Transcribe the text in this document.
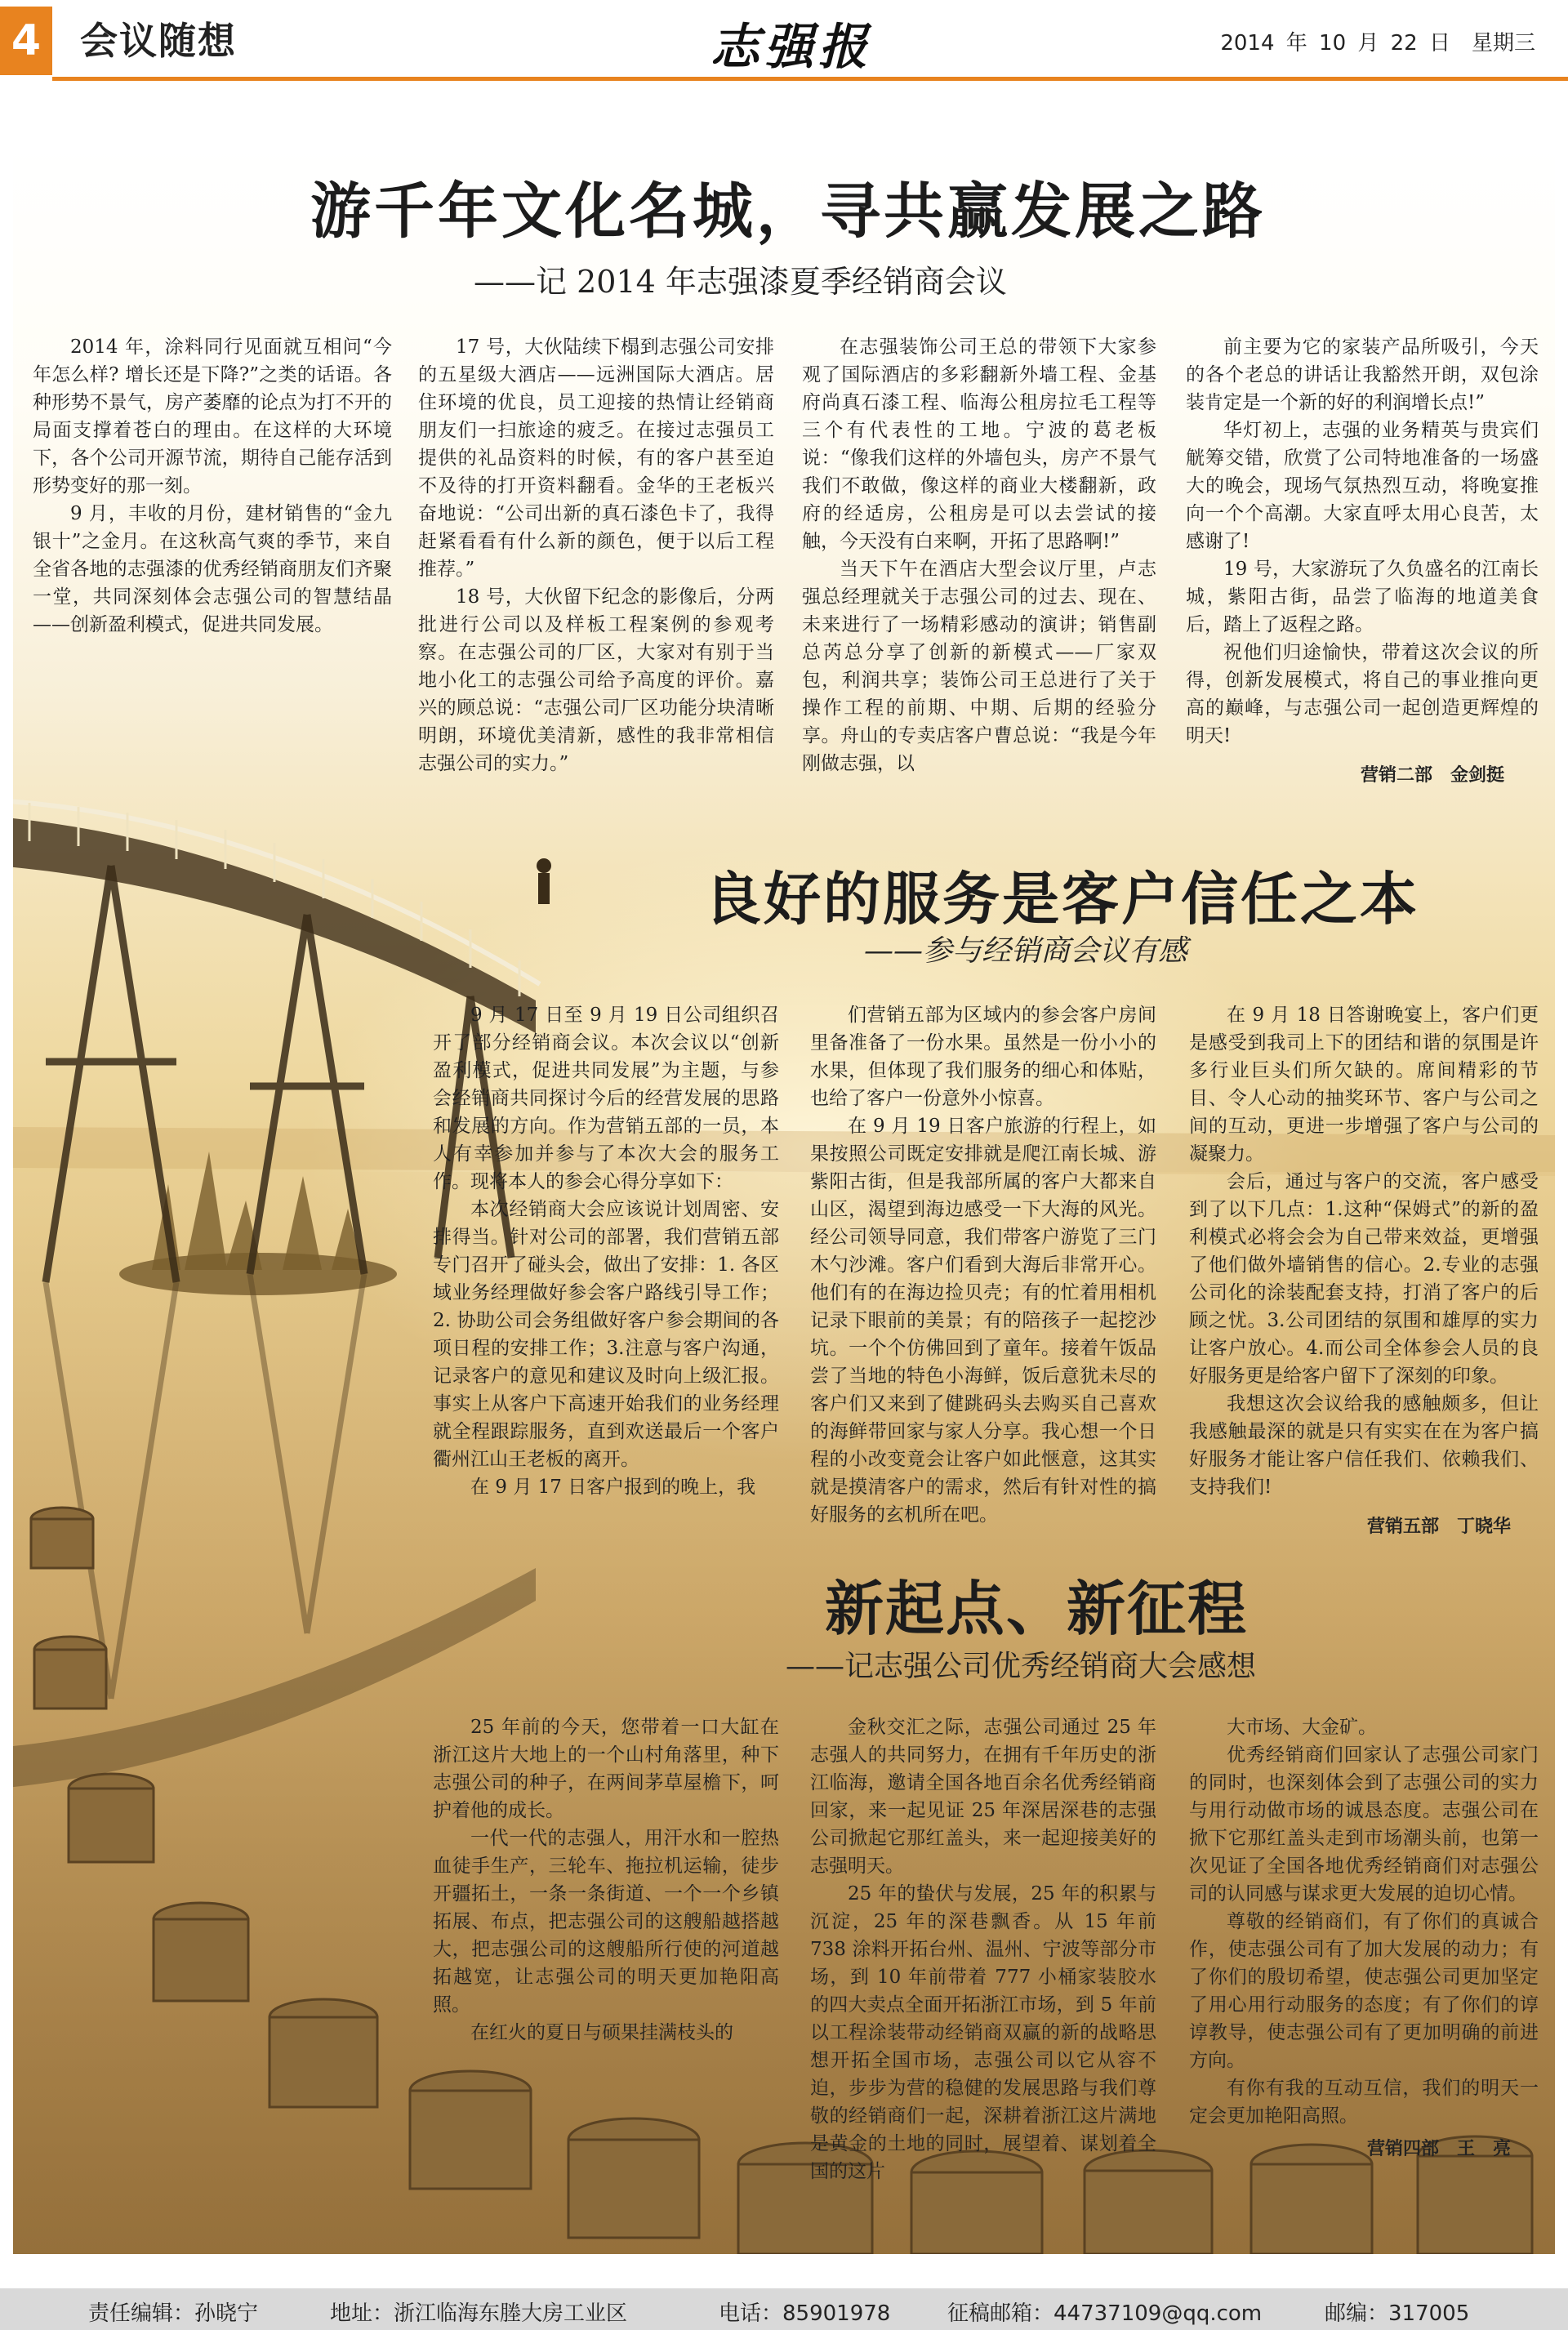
4	会议随想	志强报	2014 年 10 月 22 日　星期三
游千年文化名城，寻共赢发展之路
——记 2014 年志强漆夏季经销商会议

2014 年，涂料同行见面就互相问“今年怎么样? 增长还是下降?”之类的话语。各种形势不景气，房产萎靡的论点为打不开的局面支撑着苍白的理由。在这样的大环境下，各个公司开源节流，期待自己能存活到形势变好的那一刻。

9 月，丰收的月份，建材销售的“金九银十”之金月。在这秋高气爽的季节，来自全省各地的志强漆的优秀经销商朋友们齐聚一堂，共同深刻体会志强公司的智慧结晶——创新盈利模式，促进共同发展。

17 号，大伙陆续下榻到志强公司安排的五星级大酒店——远洲国际大酒店。居住环境的优良，员工迎接的热情让经销商朋友们一扫旅途的疲乏。在接过志强员工提供的礼品资料的时候，有的客户甚至迫不及待的打开资料翻看。金华的王老板兴奋地说：“公司出新的真石漆色卡了，我得赶紧看看有什么新的颜色，便于以后工程推荐。”

18 号，大伙留下纪念的影像后，分两批进行公司以及样板工程案例的参观考察。在志强公司的厂区，大家对有别于当地小化工的志强公司给予高度的评价。嘉兴的顾总说：“志强公司厂区功能分块清晰明朗，环境优美清新，感性的我非常相信志强公司的实力。”

在志强装饰公司王总的带领下大家参观了国际酒店的多彩翻新外墙工程、金基府尚真石漆工程、临海公租房拉毛工程等三个有代表性的工地。宁波的葛老板说：“像我们这样的外墙包头，房产不景气我们不敢做，像这样的商业大楼翻新，政府的经适房，公租房是可以去尝试的接触，今天没有白来啊，开拓了思路啊!”

当天下午在酒店大型会议厅里，卢志强总经理就关于志强公司的过去、现在、未来进行了一场精彩感动的演讲；销售副总芮总分享了创新的新模式——厂家双包，利润共享；装饰公司王总进行了关于操作工程的前期、中期、后期的经验分享。舟山的专卖店客户曹总说：“我是今年刚做志强，以

前主要为它的家装产品所吸引，今天的各个老总的讲话让我豁然开朗，双包涂装肯定是一个新的好的利润增长点!”

华灯初上，志强的业务精英与贵宾们觥筹交错，欣赏了公司特地准备的一场盛大的晚会，现场气氛热烈互动，将晚宴推向一个个高潮。大家直呼太用心良苦，太感谢了!

19 号，大家游玩了久负盛名的江南长城，紫阳古街，品尝了临海的地道美食后，踏上了返程之路。

祝他们归途愉快，带着这次会议的所得，创新发展模式，将自己的事业推向更高的巅峰，与志强公司一起创造更辉煌的明天!

营销二部　金剑挺
良好的服务是客户信任之本
——参与经销商会议有感

9 月 17 日至 9 月 19 日公司组织召开了部分经销商会议。本次会议以“创新盈利模式，促进共同发展”为主题，与参会经销商共同探讨今后的经营发展的思路和发展的方向。作为营销五部的一员，本人有幸参加并参与了本次大会的服务工作。现将本人的参会心得分享如下：

本次经销商大会应该说计划周密、安排得当。针对公司的部署，我们营销五部专门召开了碰头会，做出了安排：1. 各区域业务经理做好参会客户路线引导工作；2. 协助公司会务组做好客户参会期间的各项日程的安排工作；3.注意与客户沟通，记录客户的意见和建议及时向上级汇报。事实上从客户下高速开始我们的业务经理就全程跟踪服务，直到欢送最后一个客户衢州江山王老板的离开。

在 9 月 17 日客户报到的晚上，我

们营销五部为区域内的参会客户房间里备准备了一份水果。虽然是一份小小的水果，但体现了我们服务的细心和体贴，也给了客户一份意外小惊喜。

在 9 月 19 日客户旅游的行程上，如果按照公司既定安排就是爬江南长城、游紫阳古街，但是我部所属的客户大都来自山区，渴望到海边感受一下大海的风光。经公司领导同意，我们带客户游览了三门木勺沙滩。客户们看到大海后非常开心。他们有的在海边捡贝壳；有的忙着用相机记录下眼前的美景；有的陪孩子一起挖沙坑。一个个仿佛回到了童年。接着午饭品尝了当地的特色小海鲜，饭后意犹未尽的客户们又来到了健跳码头去购买自己喜欢的海鲜带回家与家人分享。我心想一个日程的小改变竟会让客户如此惬意，这其实就是摸清客户的需求，然后有针对性的搞好服务的玄机所在吧。

在 9 月 18 日答谢晚宴上，客户们更是感受到我司上下的团结和谐的氛围是许多行业巨头们所欠缺的。席间精彩的节目、令人心动的抽奖环节、客户与公司之间的互动，更进一步增强了客户与公司的凝聚力。

会后，通过与客户的交流，客户感受到了以下几点：1.这种“保姆式”的新的盈利模式必将会会为自己带来效益，更增强了他们做外墙销售的信心。2.专业的志强公司化的涂装配套支持，打消了客户的后顾之忧。3.公司团结的氛围和雄厚的实力让客户放心。4.而公司全体参会人员的良好服务更是给客户留下了深刻的印象。

我想这次会议给我的感触颇多，但让我感触最深的就是只有实实在在为客户搞好服务才能让客户信任我们、依赖我们、支持我们!

营销五部　丁晓华
新起点、新征程
——记志强公司优秀经销商大会感想

25 年前的今天，您带着一口大缸在浙江这片大地上的一个山村角落里，种下志强公司的种子，在两间茅草屋檐下，呵护着他的成长。

一代一代的志强人，用汗水和一腔热血徒手生产，三轮车、拖拉机运输，徒步开疆拓土，一条一条街道、一个一个乡镇拓展、布点，把志强公司的这艘船越搭越大，把志强公司的这艘船所行使的河道越拓越宽，让志强公司的明天更加艳阳高照。

在红火的夏日与硕果挂满枝头的

金秋交汇之际，志强公司通过 25 年志强人的共同努力，在拥有千年历史的浙江临海，邀请全国各地百余名优秀经销商回家，来一起见证 25 年深居深巷的志强公司掀起它那红盖头，来一起迎接美好的志强明天。

25 年的蛰伏与发展，25 年的积累与沉淀，25 年的深巷飘香。从 15 年前 738 涂料开拓台州、温州、宁波等部分市场，到 10 年前带着 777 小桶家装胶水的四大卖点全面开拓浙江市场，到 5 年前以工程涂装带动经销商双赢的新的战略思想开拓全国市场，志强公司以它从容不迫，步步为营的稳健的发展思路与我们尊敬的经销商们一起，深耕着浙江这片满地是黄金的土地的同时，展望着、谋划着全国的这片

大市场、大金矿。

优秀经销商们回家认了志强公司家门的同时，也深刻体会到了志强公司的实力与用行动做市场的诚恳态度。志强公司在掀下它那红盖头走到市场潮头前，也第一次见证了全国各地优秀经销商们对志强公司的认同感与谋求更大发展的迫切心情。

尊敬的经销商们，有了你们的真诚合作，使志强公司有了加大发展的动力；有了你们的殷切希望，使志强公司更加坚定了用心用行动服务的态度；有了你们的谆谆教导，使志强公司有了更加明确的前进方向。

有你有我的互动互信，我们的明天一定会更加艳阳高照。

营销四部　王　亮
责任编辑：孙晓宁	地址：浙江临海东塍大房工业区	电话：85901978	征稿邮箱：44737109@qq.com	邮编：317005
